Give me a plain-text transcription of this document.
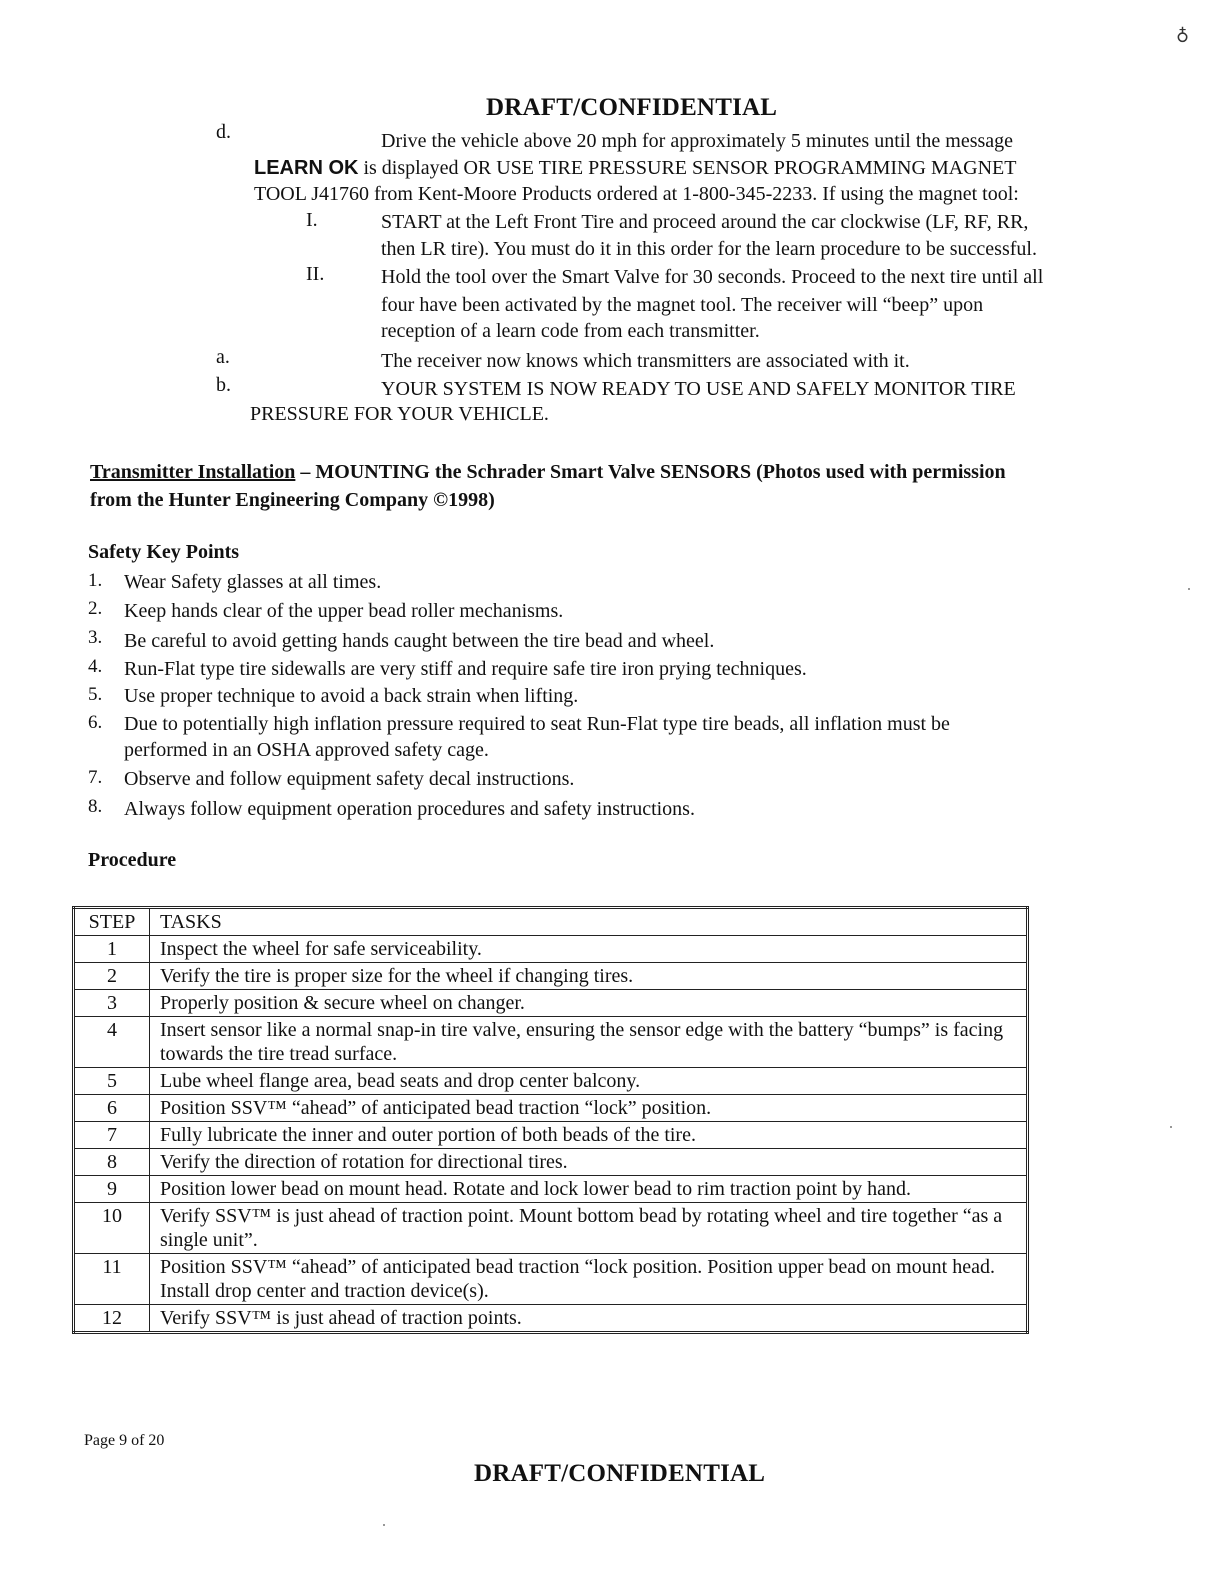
♁
DRAFT/CONFIDENTIAL
d.	Drive the vehicle above 20 mph for approximately 5 minutes until the message
LEARN OK is displayed OR USE TIRE PRESSURE SENSOR PROGRAMMING MAGNET
TOOL J41760 from Kent-Moore Products ordered at 1-800-345-2233. If using the magnet tool:
I.	START at the Left Front Tire and proceed around the car clockwise (LF, RF, RR,
then LR tire). You must do it in this order for the learn procedure to be successful.
II.	Hold the tool over the Smart Valve for 30 seconds. Proceed to the next tire until all
four have been activated by the magnet tool. The receiver will “beep” upon
reception of a learn code from each transmitter.
a.	The receiver now knows which transmitters are associated with it.
b.	YOUR SYSTEM IS NOW READY TO USE AND SAFELY MONITOR TIRE
PRESSURE FOR YOUR VEHICLE.
Transmitter Installation – MOUNTING the Schrader Smart Valve SENSORS (Photos used with permission
from the Hunter Engineering Company ©1998)
Safety Key Points
1. Wear Safety glasses at all times.
2. Keep hands clear of the upper bead roller mechanisms.
3. Be careful to avoid getting hands caught between the tire bead and wheel.
4. Run-Flat type tire sidewalls are very stiff and require safe tire iron prying techniques.
5. Use proper technique to avoid a back strain when lifting.
6. Due to potentially high inflation pressure required to seat Run-Flat type tire beads, all inflation must be
performed in an OSHA approved safety cage.
7. Observe and follow equipment safety decal instructions.
8. Always follow equipment operation procedures and safety instructions.
Procedure
STEP	TASKS
1	Inspect the wheel for safe serviceability.
2	Verify the tire is proper size for the wheel if changing tires.
3	Properly position & secure wheel on changer.
4	Insert sensor like a normal snap-in tire valve, ensuring the sensor edge with the battery “bumps” is facing towards the tire tread surface.
5	Lube wheel flange area, bead seats and drop center balcony.
6	Position SSV™ “ahead” of anticipated bead traction “lock” position.
7	Fully lubricate the inner and outer portion of both beads of the tire.
8	Verify the direction of rotation for directional tires.
9	Position lower bead on mount head. Rotate and lock lower bead to rim traction point by hand.
10	Verify SSV™ is just ahead of traction point. Mount bottom bead by rotating wheel and tire together “as a single unit”.
11	Position SSV™ “ahead” of anticipated bead traction “lock position. Position upper bead on mount head. Install drop center and traction device(s).
12	Verify SSV™ is just ahead of traction points.
Page 9 of 20
DRAFT/CONFIDENTIAL
